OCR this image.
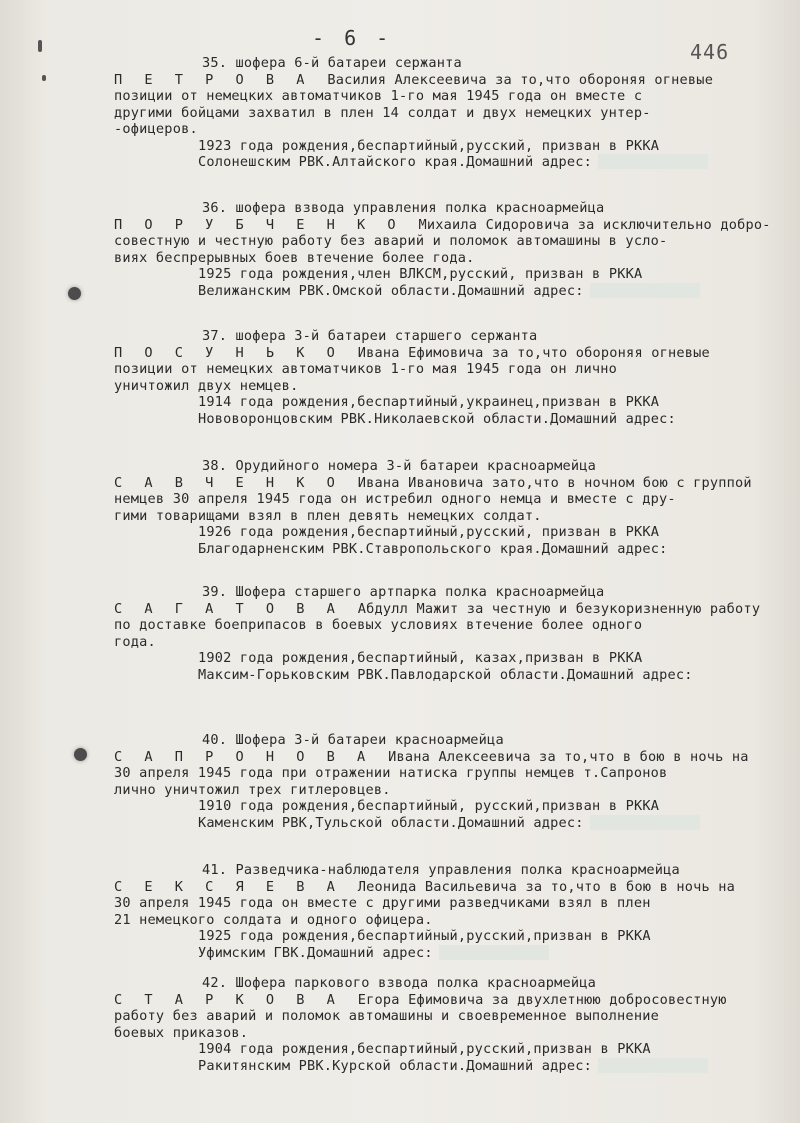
- 6 -
446
35. шофера 6-й батареи сержанта
П Е Т Р О В А Василия Алексеевича за то,что обороняя огневые
позиции от немецких автоматчиков 1-го мая 1945 года он вместе с
другими бойцами захватил в плен 14 солдат и двух немецких унтер-
-офицеров.
1923 года рождения,беспартийный,русский, призван в РККА
Солонешским РВК.Алтайского края.Домашний адрес:
36. шофера взвода управления полка красноармейца
П О Р У Б Ч Е Н К О Михаила Сидоровича за исключительно добро-
совестную и честную работу без аварий и поломок автомашины в усло-
виях беспрерывных боев втечение более года.
1925 года рождения,член ВЛКСМ,русский, призван в РККА
Велижанским РВК.Омской области.Домашний адрес:
37. шофера 3-й батареи старшего сержанта
П О С У Н Ь К О Ивана Ефимовича за то,что обороняя огневые
позиции от немецких автоматчиков 1-го мая 1945 года он лично
уничтожил двух немцев.
1914 года рождения,беспартийный,украинец,призван в РККА
Нововоронцовским РВК.Николаевской области.Домашний адрес:
38. Орудийного номера 3-й батареи красноармейца
С А В Ч Е Н К О Ивана Ивановича зато,что в ночном бою с группой
немцев 30 апреля 1945 года он истребил одного немца и вместе с дру-
гими товарищами взял в плен девять немецких солдат.
1926 года рождения,беспартийный,русский, призван в РККА
Благодарненским РВК.Ставропольского края.Домашний адрес:
39. Шофера старшего артпарка полка красноармейца
С А Г А Т О В А Абдулл Мажит за честную и безукоризненную работу
по доставке боеприпасов в боевых условиях втечение более одного
года.
1902 года рождения,беспартийный, казах,призван в РККА
Максим-Горьковским РВК.Павлодарской области.Домашний адрес:
40. Шофера 3-й батареи красноармейца
С А П Р О Н О В А Ивана Алексеевича за то,что в бою в ночь на
30 апреля 1945 года при отражении натиска группы немцев т.Сапронов
лично уничтожил трех гитлеровцев.
1910 года рождения,беспартийный, русский,призван в РККА
Каменским РВК,Тульской области.Домашний адрес:
41. Разведчика-наблюдателя управления полка красноармейца
С Е К С Я Е В А Леонида Васильевича за то,что в бою в ночь на
30 апреля 1945 года он вместе с другими разведчиками взял в плен
21 немецкого солдата и одного офицера.
1925 года рождения,беспартийный,русский,призван в РККА
Уфимским ГВК.Домашний адрес:
42. Шофера паркового взвода полка красноармейца
С Т А Р К О В А Егора Ефимовича за двухлетнюю добросовестную
работу без аварий и поломок автомашины и своевременное выполнение
боевых приказов.
1904 года рождения,беспартийный,русский,призван в РККА
Ракитянским РВК.Курской области.Домашний адрес:
